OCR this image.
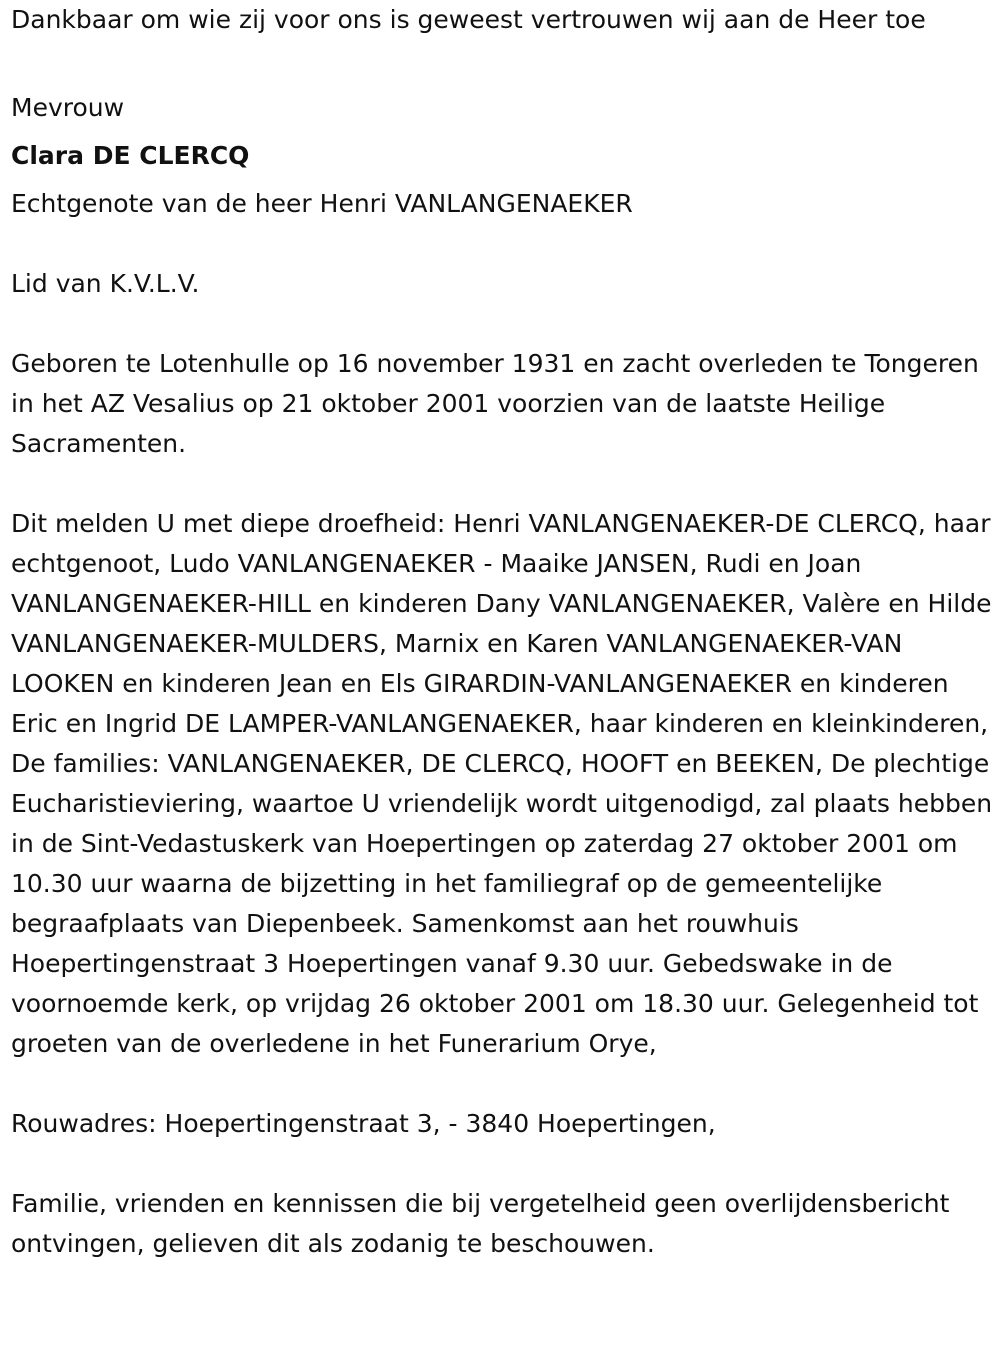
Dankbaar om wie zij voor ons is geweest vertrouwen wij aan de Heer toe

Mevrouw

Clara DE CLERCQ

Echtgenote van de heer Henri VANLANGENAEKER

Lid van K.V.L.V.

Geboren te Lotenhulle op 16 november 1931 en zacht overleden te Tongeren in het AZ Vesalius op 21 oktober 2001 voorzien van de laatste Heilige Sacramenten.

Dit melden U met diepe droefheid: Henri VANLANGENAEKER-DE CLERCQ, haar echtgenoot, Ludo VANLANGENAEKER - Maaike JANSEN, Rudi en Joan VANLANGENAEKER-HILL en kinderen Dany VANLANGENAEKER, Valère en Hilde VANLANGENAEKER-MULDERS, Marnix en Karen VANLANGENAEKER-VAN LOOKEN en kinderen Jean en Els GIRARDIN-VANLANGENAEKER en kinderen Eric en Ingrid DE LAMPER-VANLANGENAEKER, haar kinderen en kleinkinderen, De families: VANLANGENAEKER, DE CLERCQ, HOOFT en BEEKEN, De plechtige Eucharistieviering, waartoe U vriendelijk wordt uitgenodigd, zal plaats hebben in de Sint-Vedastuskerk van Hoepertingen op zaterdag 27 oktober 2001 om 10.30 uur waarna de bijzetting in het familiegraf op de gemeentelijke begraafplaats van Diepenbeek. Samenkomst aan het rouwhuis Hoepertingenstraat 3 Hoepertingen vanaf 9.30 uur. Gebedswake in de voornoemde kerk, op vrijdag 26 oktober 2001 om 18.30 uur. Gelegenheid tot groeten van de overledene in het Funerarium Orye,

Rouwadres: Hoepertingenstraat 3, - 3840 Hoepertingen,

Familie, vrienden en kennissen die bij vergetelheid geen overlijdensbericht ontvingen, gelieven dit als zodanig te beschouwen.
